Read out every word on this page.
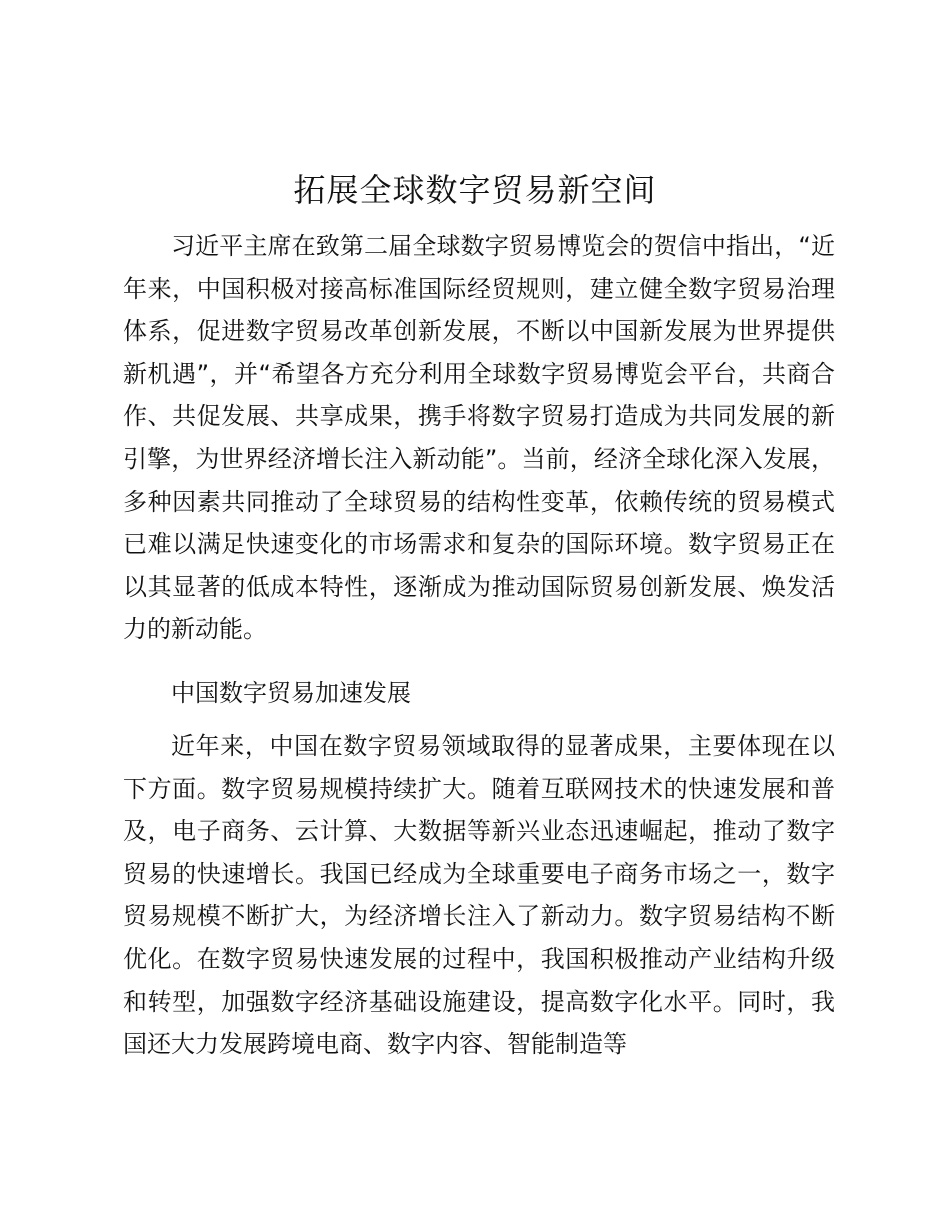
拓展全球数字贸易新空间

习近平主席在致第二届全球数字贸易博览会的贺信中指出，“近年来，中国积极对接高标准国际经贸规则，建立健全数字贸易治理体系，促进数字贸易改革创新发展，不断以中国新发展为世界提供新机遇”，并“希望各方充分利用全球数字贸易博览会平台，共商合作、共促发展、共享成果，携手将数字贸易打造成为共同发展的新引擎，为世界经济增长注入新动能”。当前，经济全球化深入发展，多种因素共同推动了全球贸易的结构性变革，依赖传统的贸易模式已难以满足快速变化的市场需求和复杂的国际环境。数字贸易正在以其显著的低成本特性，逐渐成为推动国际贸易创新发展、焕发活力的新动能。

中国数字贸易加速发展

近年来，中国在数字贸易领域取得的显著成果，主要体现在以下方面。数字贸易规模持续扩大。随着互联网技术的快速发展和普及，电子商务、云计算、大数据等新兴业态迅速崛起，推动了数字贸易的快速增长。我国已经成为全球重要电子商务市场之一，数字贸易规模不断扩大，为经济增长注入了新动力。数字贸易结构不断优化。在数字贸易快速发展的过程中，我国积极推动产业结构升级和转型，加强数字经济基础设施建设，提高数字化水平。同时，我国还大力发展跨境电商、数字内容、智能制造等
